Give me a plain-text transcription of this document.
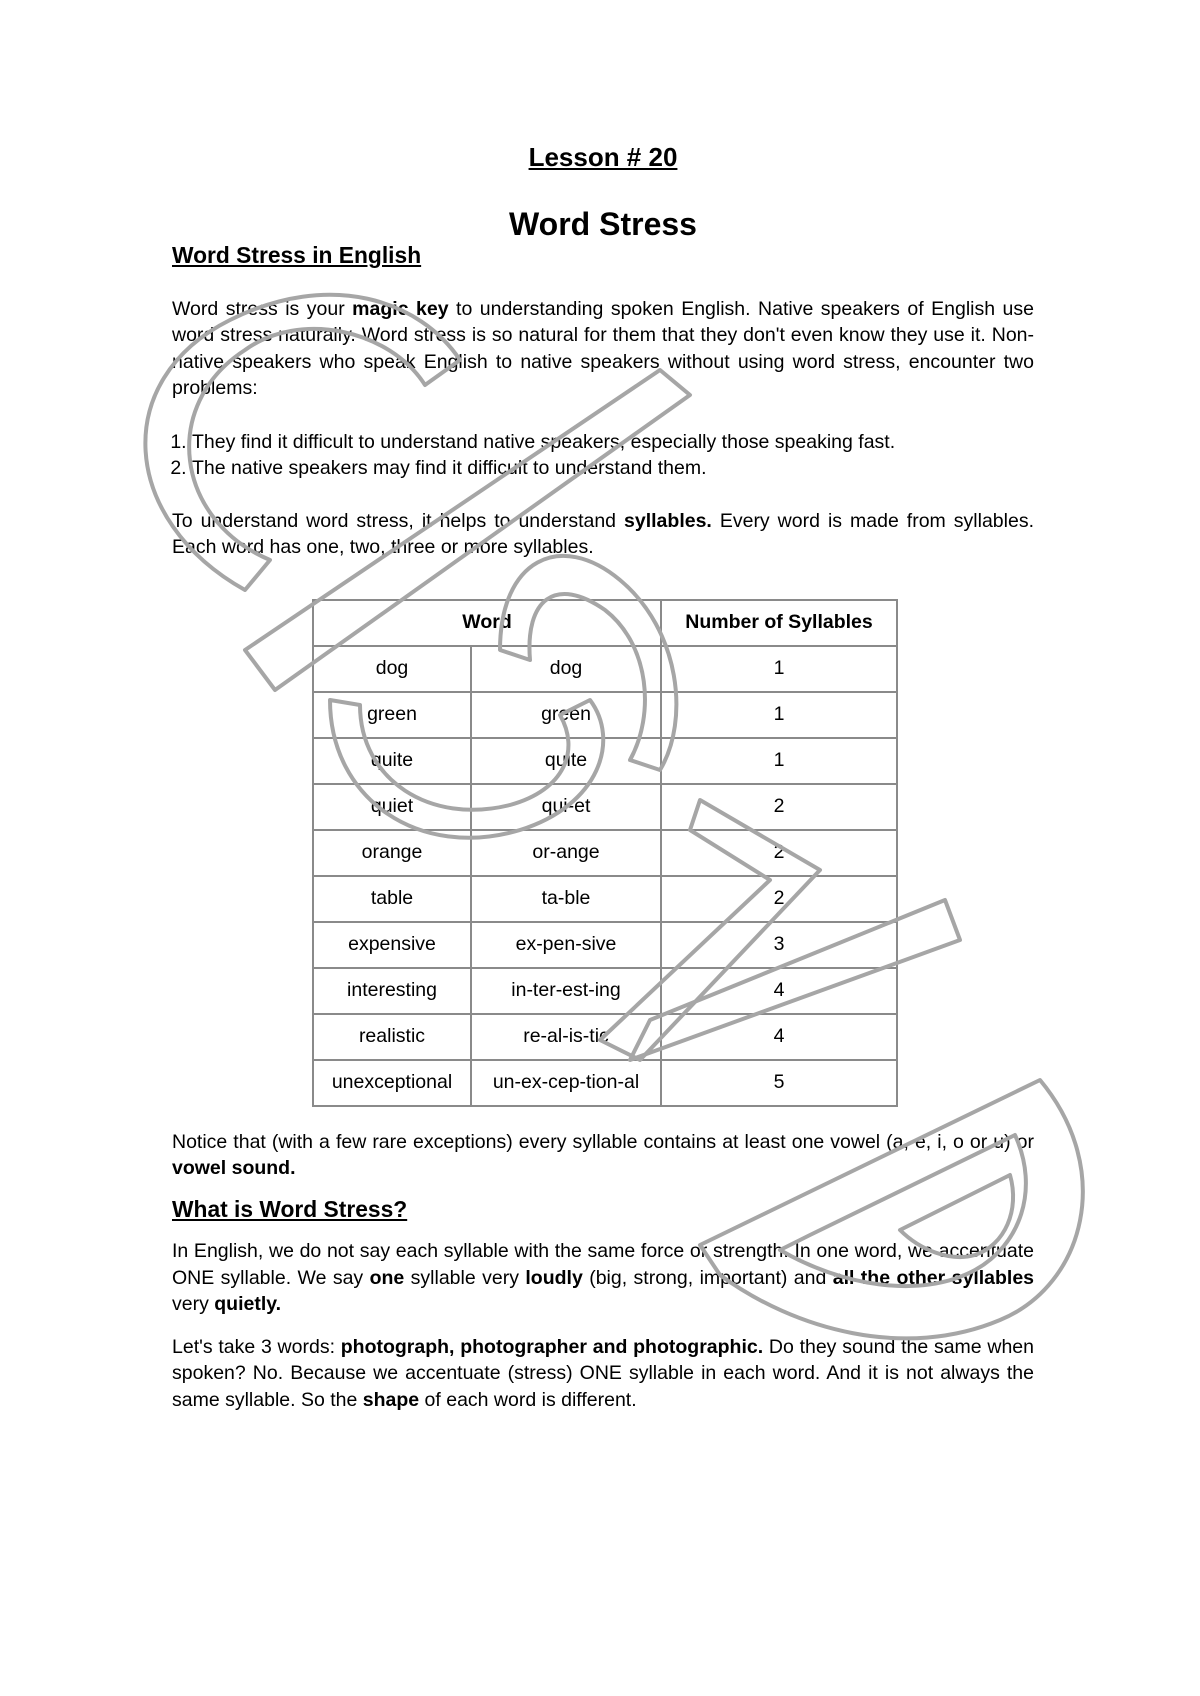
Lesson # 20
Word Stress
Word Stress in English

Word stress is your magic key to understanding spoken English. Native speakers of English use word stress naturally. Word stress is so natural for them that they don't even know they use it. Non-native speakers who speak English to native speakers without using word stress, encounter two problems:

1. They find it difficult to understand native speakers, especially those speaking fast.
2. The native speakers may find it difficult to understand them.

To understand word stress, it helps to understand syllables. Every word is made from syllables. Each word has one, two, three or more syllables.

Word		Number of Syllables
dog	dog	1
green	green	1
quite	quite	1
quiet	qui-et	2
orange	or-ange	2
table	ta-ble	2
expensive	ex-pen-sive	3
interesting	in-ter-est-ing	4
realistic	re-al-is-tic	4
unexceptional	un-ex-cep-tion-al	5

Notice that (with a few rare exceptions) every syllable contains at least one vowel (a, e, i, o or u) or vowel sound.

What is Word Stress?

In English, we do not say each syllable with the same force or strength. In one word, we accentuate ONE syllable. We say one syllable very loudly (big, strong, important) and all the other syllables very quietly.

Let's take 3 words: photograph, photographer and photographic. Do they sound the same when spoken? No. Because we accentuate (stress) ONE syllable in each word. And it is not always the same syllable. So the shape of each word is different.
